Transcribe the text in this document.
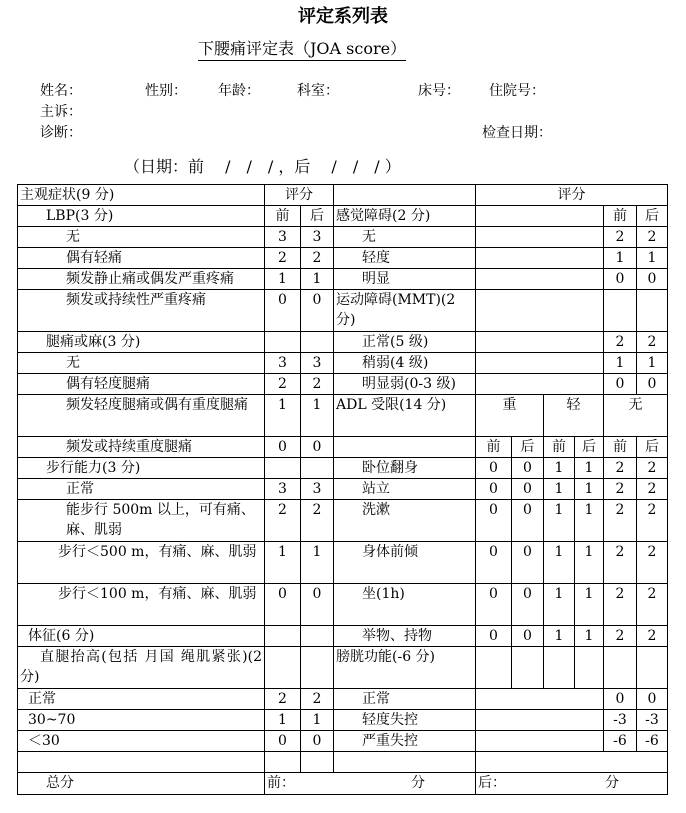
评定系列表
下腰痛评定表（JOA score）
姓名：	性别： 年龄：	科室：	床号： 住院号：
主诉：
诊断：	检查日期：
（日期：前　 /　/　/ ，后　 /　/　/ ）
主观症状(9 分)	评分			评分					
LBP(3 分)	前	后	感觉障碍(2 分)					前	后
无	3	3	无					2	2
偶有轻痛	2	2	轻度					1	1
频发静止痛或偶发严重疼痛	1	1	明显					0	0
频发或持续性严重疼痛	0	0	运动障碍(MMT)(2 分)						
腿痛或麻(3 分)			正常(5 级)					2	2
无	3	3	稍弱(4 级)					1	1
偶有轻度腿痛	2	2	明显弱(0-3 级)					0	0
频发轻度腿痛或偶有重度腿痛	1	1	ADL 受限(14 分)	重		轻		无	
频发或持续重度腿痛	0	0		前	后	前	后	前	后
步行能力(3 分)			卧位翻身	0	0	1	1	2	2
正常	3	3	站立	0	0	1	1	2	2
能步行 500m 以上，可有痛、麻、肌弱	2	2	洗漱	0	0	1	1	2	2
步行＜500 m，有痛、麻、肌弱	1	1	身体前倾	0	0	1	1	2	2
步行＜100 m，有痛、麻、肌弱	0	0	坐(1h)	0	0	1	1	2	2
体征(6 分)			举物、持物	0	0	1	1	2	2
直腿抬高(包括 月国 绳肌紧张)(2 分)			膀胱功能(-6 分)						
正常	2	2	正常					0	0
30~70	1	1	轻度失控					-3	-3
＜30	0	0	严重失控					-6	-6

总分	前： 分			后： 分					
